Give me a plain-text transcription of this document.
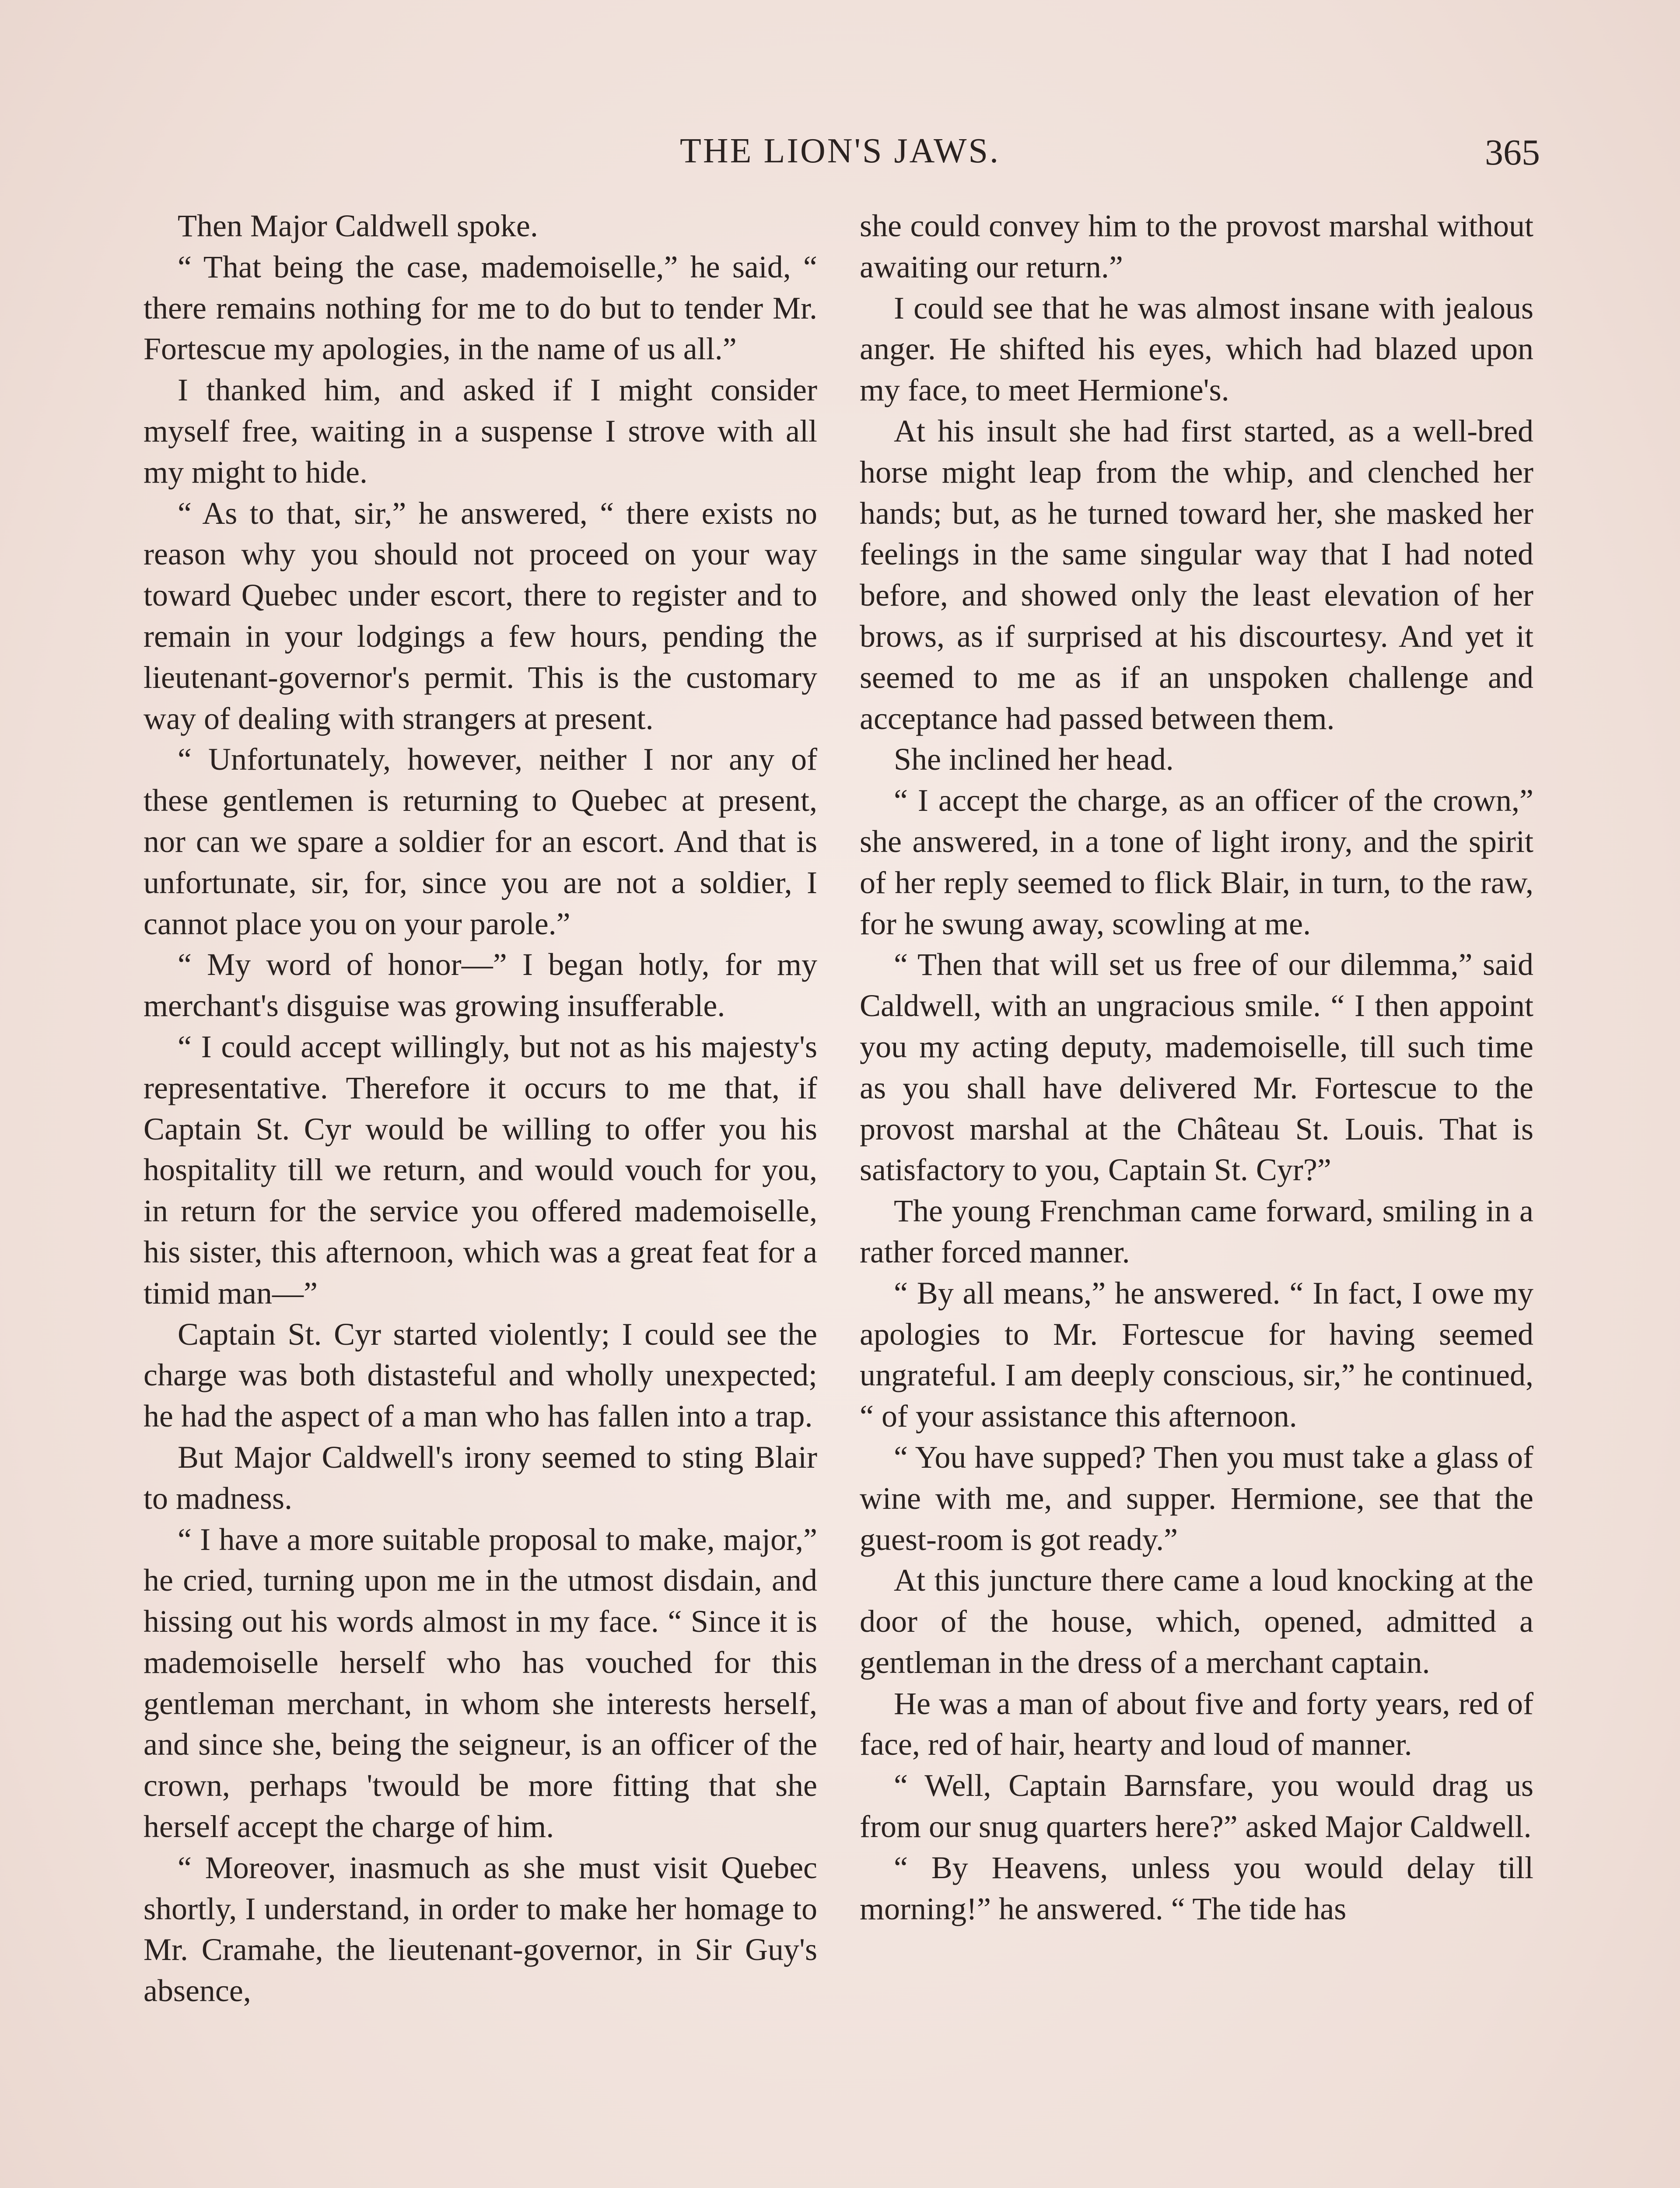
THE LION'S JAWS.	365

Then Major Caldwell spoke.

“ That being the case, mademoiselle,” he said, “ there remains nothing for me to do but to tender Mr. Fortescue my apologies, in the name of us all.”

I thanked him, and asked if I might consider myself free, waiting in a suspense I strove with all my might to hide.

“ As to that, sir,” he answered, “ there exists no reason why you should not proceed on your way toward Quebec under escort, there to register and to remain in your lodgings a few hours, pending the lieutenant-governor's permit. This is the customary way of dealing with strangers at present.

“ Unfortunately, however, neither I nor any of these gentlemen is returning to Quebec at present, nor can we spare a soldier for an escort. And that is unfortunate, sir, for, since you are not a soldier, I cannot place you on your parole.”

“ My word of honor—” I began hotly, for my merchant's disguise was growing insufferable.

“ I could accept willingly, but not as his majesty's representative. Therefore it occurs to me that, if Captain St. Cyr would be willing to offer you his hospitality till we return, and would vouch for you, in return for the service you offered mademoiselle, his sister, this afternoon, which was a great feat for a timid man—”

Captain St. Cyr started violently; I could see the charge was both distasteful and wholly unexpected; he had the aspect of a man who has fallen into a trap.

But Major Caldwell's irony seemed to sting Blair to madness.

“ I have a more suitable proposal to make, major,” he cried, turning upon me in the utmost disdain, and hissing out his words almost in my face. “ Since it is mademoiselle herself who has vouched for this gentleman merchant, in whom she interests herself, and since she, being the seigneur, is an officer of the crown, perhaps 'twould be more fitting that she herself accept the charge of him.

“ Moreover, inasmuch as she must visit Quebec shortly, I understand, in order to make her homage to Mr. Cramahe, the lieutenant-governor, in Sir Guy's absence,

she could convey him to the provost marshal without awaiting our return.”

I could see that he was almost insane with jealous anger. He shifted his eyes, which had blazed upon my face, to meet Hermione's.

At his insult she had first started, as a well-bred horse might leap from the whip, and clenched her hands; but, as he turned toward her, she masked her feelings in the same singular way that I had noted before, and showed only the least elevation of her brows, as if surprised at his discourtesy. And yet it seemed to me as if an unspoken challenge and acceptance had passed between them.

She inclined her head.

“ I accept the charge, as an officer of the crown,” she answered, in a tone of light irony, and the spirit of her reply seemed to flick Blair, in turn, to the raw, for he swung away, scowling at me.

“ Then that will set us free of our dilemma,” said Caldwell, with an ungracious smile. “ I then appoint you my acting deputy, mademoiselle, till such time as you shall have delivered Mr. Fortescue to the provost marshal at the Château St. Louis. That is satisfactory to you, Captain St. Cyr?”

The young Frenchman came forward, smiling in a rather forced manner.

“ By all means,” he answered. “ In fact, I owe my apologies to Mr. Fortescue for having seemed ungrateful. I am deeply conscious, sir,” he continued, “ of your assistance this afternoon.

“ You have supped? Then you must take a glass of wine with me, and supper. Hermione, see that the guest-room is got ready.”

At this juncture there came a loud knocking at the door of the house, which, opened, admitted a gentleman in the dress of a merchant captain.

He was a man of about five and forty years, red of face, red of hair, hearty and loud of manner.

“ Well, Captain Barnsfare, you would drag us from our snug quarters here?” asked Major Caldwell.

“ By Heavens, unless you would delay till morning!” he answered. “ The tide has
